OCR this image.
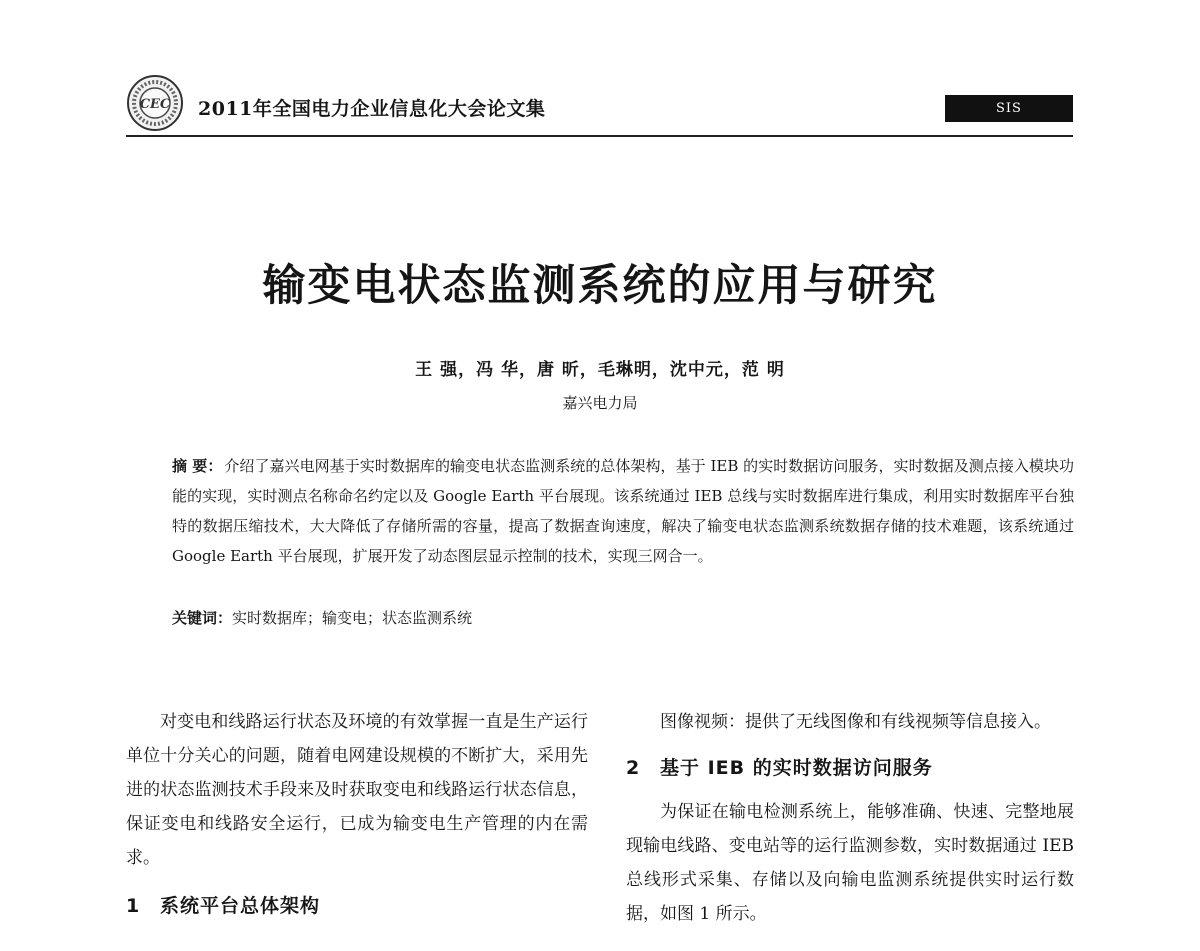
CEC 2011年全国电力企业信息化大会论文集	SIS
输变电状态监测系统的应用与研究
王 强，冯 华，唐 昕，毛琳明，沈中元，范 明
嘉兴电力局
摘 要： 介绍了嘉兴电网基于实时数据库的输变电状态监测系统的总体架构，基于 IEB 的实时数据访问服务，实时数据及测点接入模块功能的实现，实时测点名称命名约定以及 Google Earth 平台展现。该系统通过 IEB 总线与实时数据库进行集成，利用实时数据库平台独特的数据压缩技术，大大降低了存储所需的容量，提高了数据查询速度，解决了输变电状态监测系统数据存储的技术难题，该系统通过 Google Earth 平台展现，扩展开发了动态图层显示控制的技术，实现三网合一。
关键词：实时数据库；输变电；状态监测系统

对变电和线路运行状态及环境的有效掌握一直是生产运行单位十分关心的问题，随着电网建设规模的不断扩大，采用先进的状态监测技术手段来及时获取变电和线路运行状态信息，保证变电和线路安全运行，已成为输变电生产管理的内在需求。

1 系统平台总体架构

图像视频：提供了无线图像和有线视频等信息接入。

2 基于 IEB 的实时数据访问服务

为保证在输电检测系统上，能够准确、快速、完整地展现输电线路、变电站等的运行监测参数，实时数据通过 IEB 总线形式采集、存储以及向输电监测系统提供实时运行数据，如图 1 所示。
